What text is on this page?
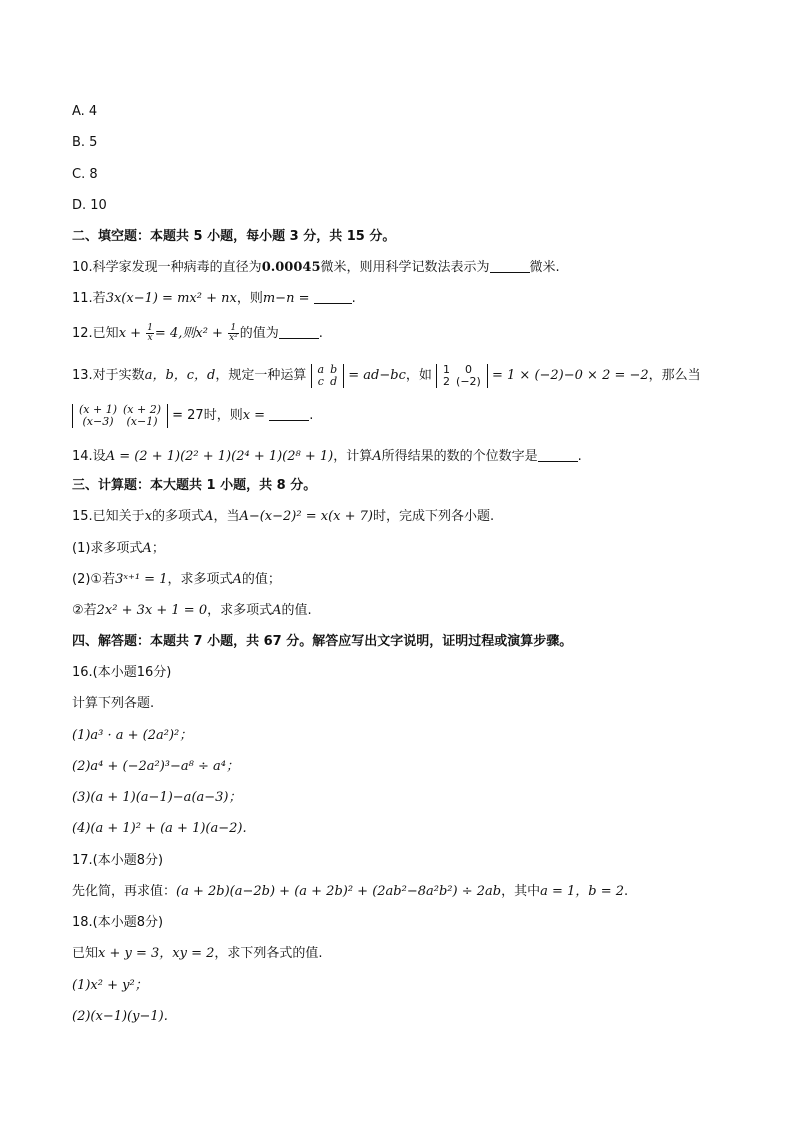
A. 4
B. 5
C. 8
D. 10
二、填空题：本题共 5 小题，每小题 3 分，共 15 分。
10.科学家发现一种病毒的直径为0.00045微米，则用科学记数法表示为	微米.
11.若3x(x−1) = mx² + nx，则m−n =	.
12.已知$x + \frac{1}{x} = 4$,则$x^2 + \frac{1}{\text{x²}}$ 的值为	.
13.对于实数a，b，c，d，规定一种运算 a	b
c	d = ad−bc，如 1	0
2	(−2) = 1 × (−2)−0 × 2 = −2，那么当
(x + 1)	(x + 2)
(x−3)	(x−1) = 27时，则x =	.
14.设A = (2 + 1)(2² + 1)(2⁴ + 1)(2⁸ + 1)，计算A所得结果的数的个位数字是	.
三、计算题：本大题共 1 小题，共 8 分。
15.已知关于x的多项式A，当A−(x−2)² = x(x + 7)时，完成下列各小题.
(1)求多项式A；
(2)①若3ˣ⁺¹ = 1，求多项式A的值；
②若2x² + 3x + 1 = 0，求多项式A的值.
四、解答题：本题共 7 小题，共 67 分。解答应写出文字说明，证明过程或演算步骤。
16.(本小题16分)
计算下列各题.
(1)a³ · a + (2a²)²；
(2)a⁴ + (−2a²)³−a⁸ ÷ a⁴；
(3)(a + 1)(a−1)−a(a−3)；
(4)(a + 1)² + (a + 1)(a−2).
17.(本小题8分)
先化简，再求值：(a + 2b)(a−2b) + (a + 2b)² + (2ab²−8a²b²) ÷ 2ab，其中a = 1，b = 2.
18.(本小题8分)
已知x + y = 3，xy = 2，求下列各式的值.
(1)x² + y²；
(2)(x−1)(y−1).
